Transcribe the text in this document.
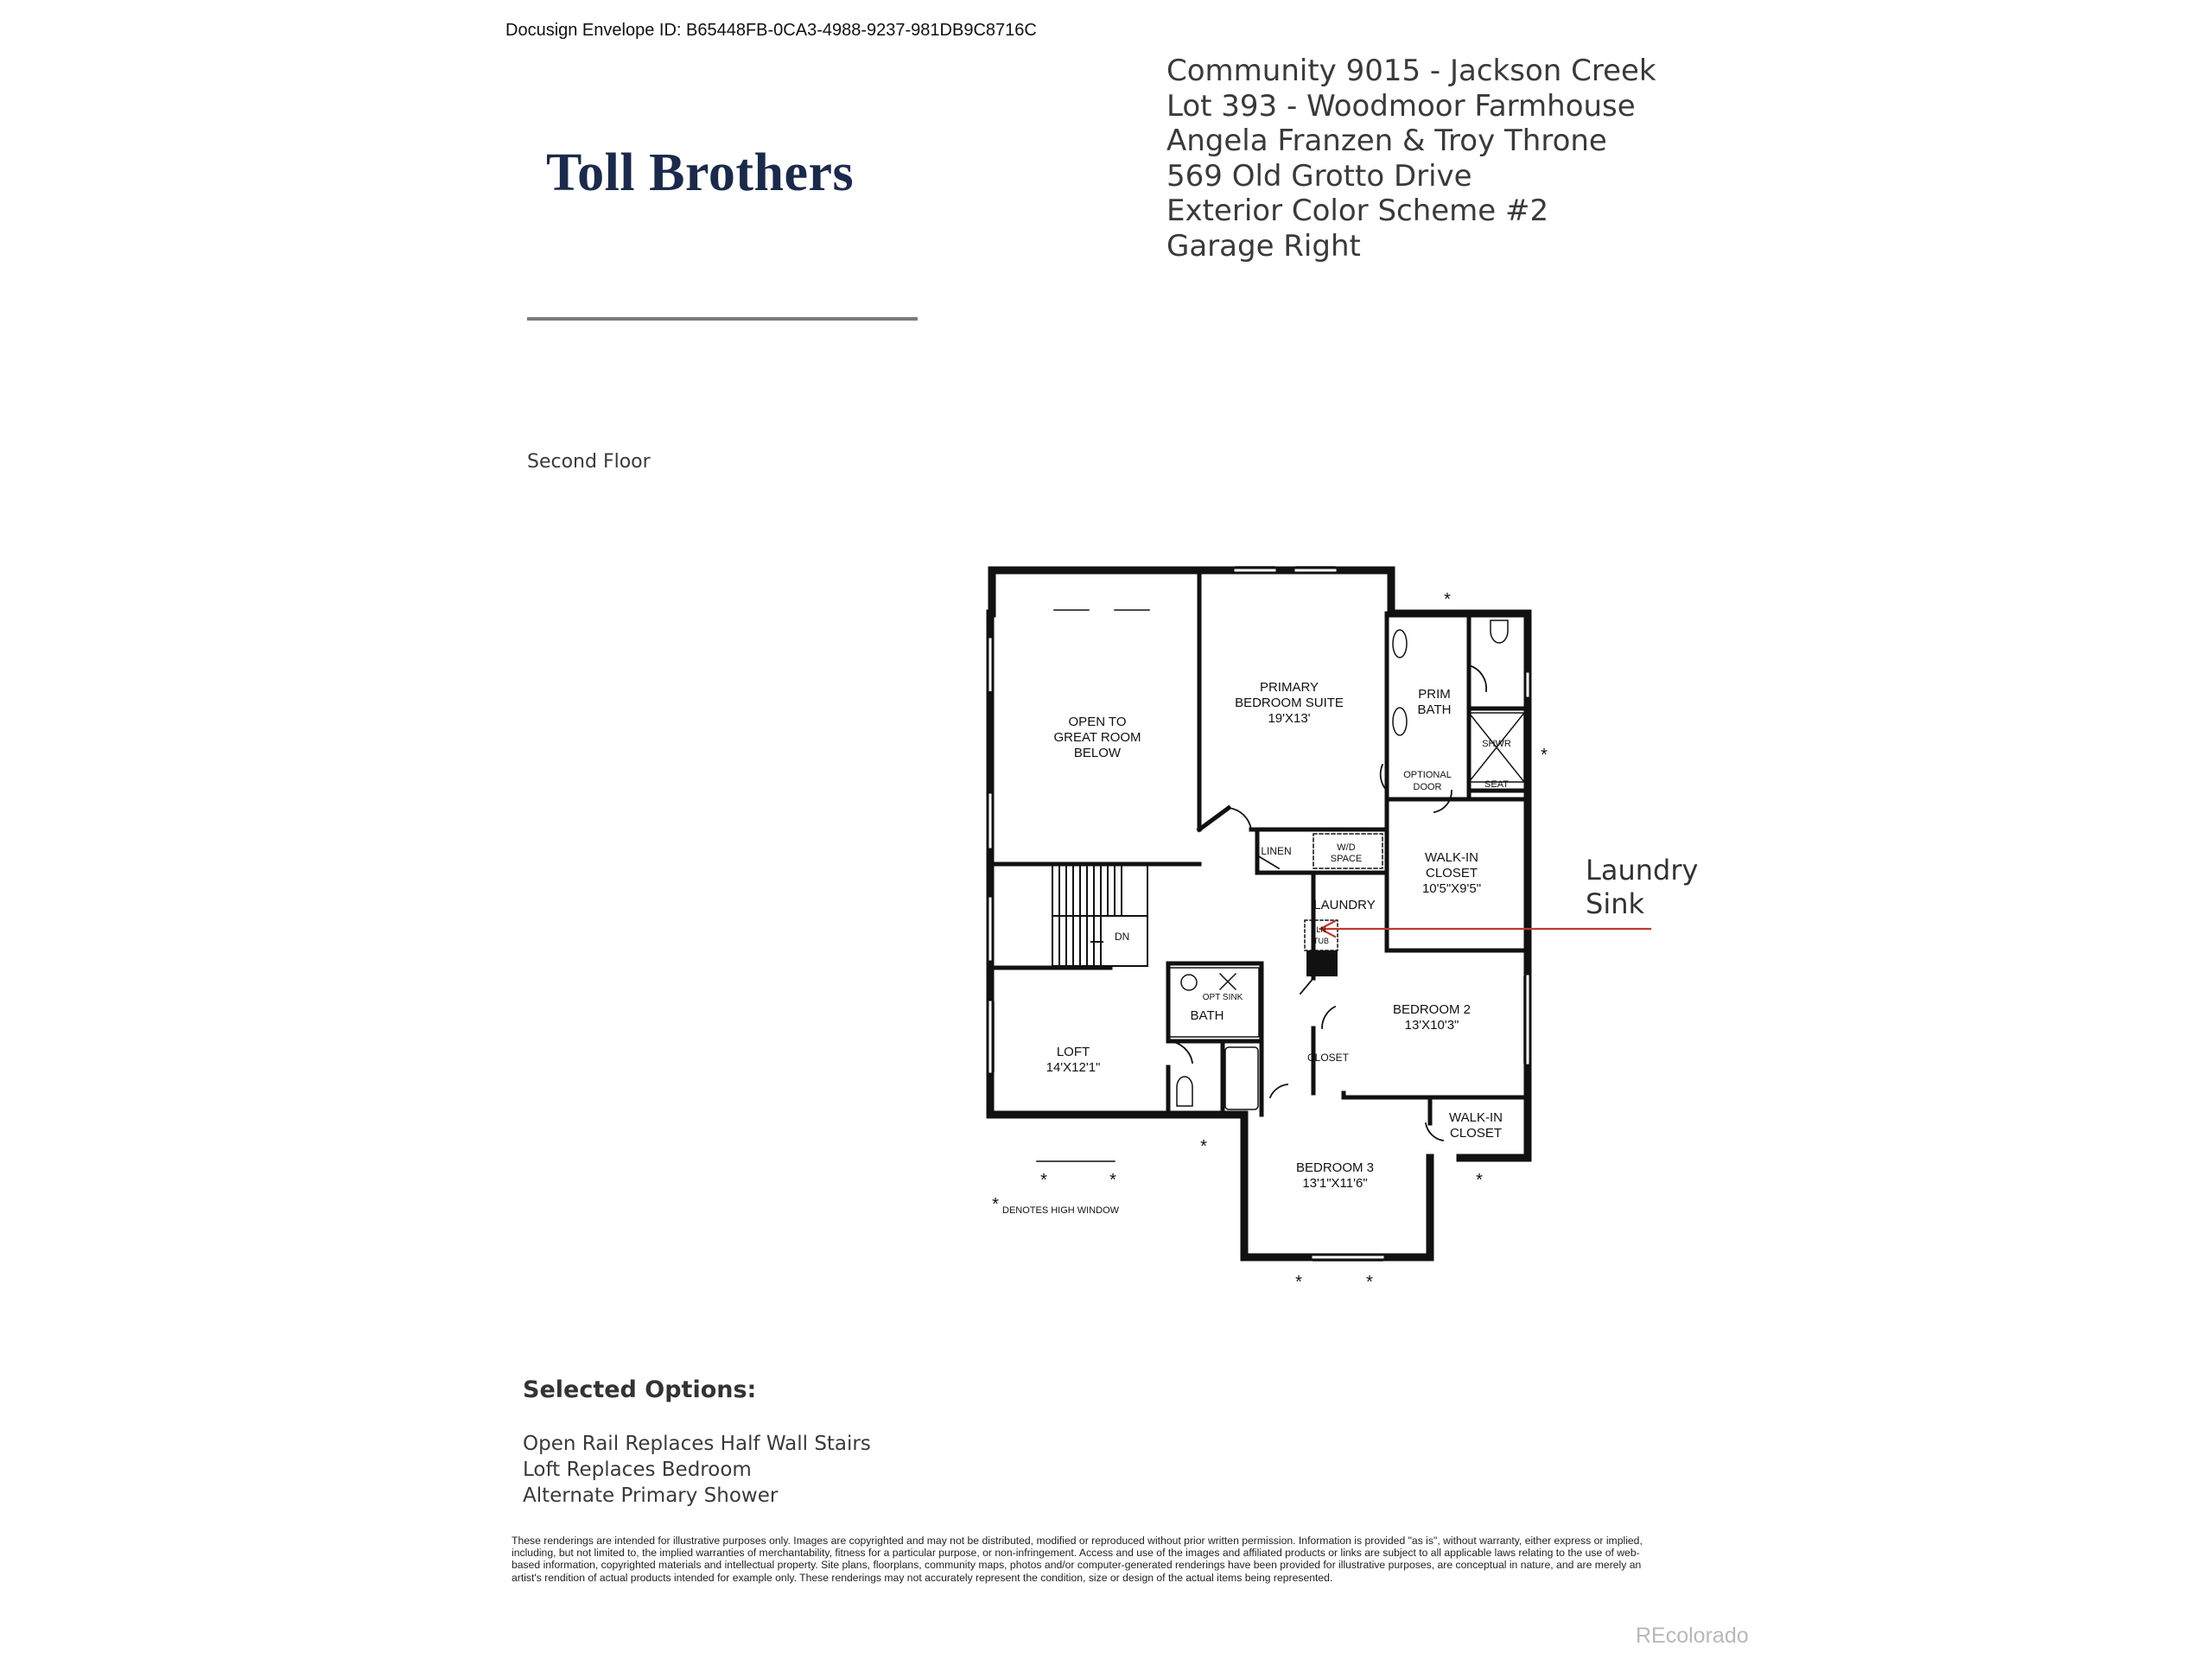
Docusign Envelope ID: B65448FB-0CA3-4988-9237-981DB9C8716C
Toll Brothers
Community 9015 - Jackson Creek
Lot 393 - Woodmoor Farmhouse
Angela Franzen & Troy Throne
569 Old Grotto Drive
Exterior Color Scheme #2
Garage Right
Second Floor
OPEN TO
GREAT ROOM
BELOW
PRIMARY
BEDROOM SUITE
19'X13'
PRIM
BATH
SHWR
SEAT
OPTIONAL
DOOR
LINEN	W/D
SPACE
LAUNDRY
LN
TUB
WALK-IN
CLOSET
10'5"X9'5"
DN
OPT SINK
BATH
LOFT
14'X12'1"
BEDROOM 2
13'X10'3"
CLOSET
WALK-IN
CLOSET
BEDROOM 3
13'1"X11'6"
DENOTES HIGH WINDOW
*
*
*
*	*	*
*
*	*
Laundry
Sink
Selected Options:
Open Rail Replaces Half Wall Stairs
Loft Replaces Bedroom
Alternate Primary Shower
These renderings are intended for illustrative purposes only. Images are copyrighted and may not be distributed, modified or reproduced without prior written permission. Information is provided "as is", without warranty, either express or implied, including, but not limited to, the implied warranties of merchantability, fitness for a particular purpose, or non-infringement. Access and use of the images and affiliated products or links are subject to all applicable laws relating to the use of web-based information, copyrighted materials and intellectual property. Site plans, floorplans, community maps, photos and/or computer-generated renderings have been provided for illustrative purposes, are conceptual in nature, and are merely an artist's rendition of actual products intended for example only. These renderings may not accurately represent the condition, size or design of the actual items being represented.
REcolorado
